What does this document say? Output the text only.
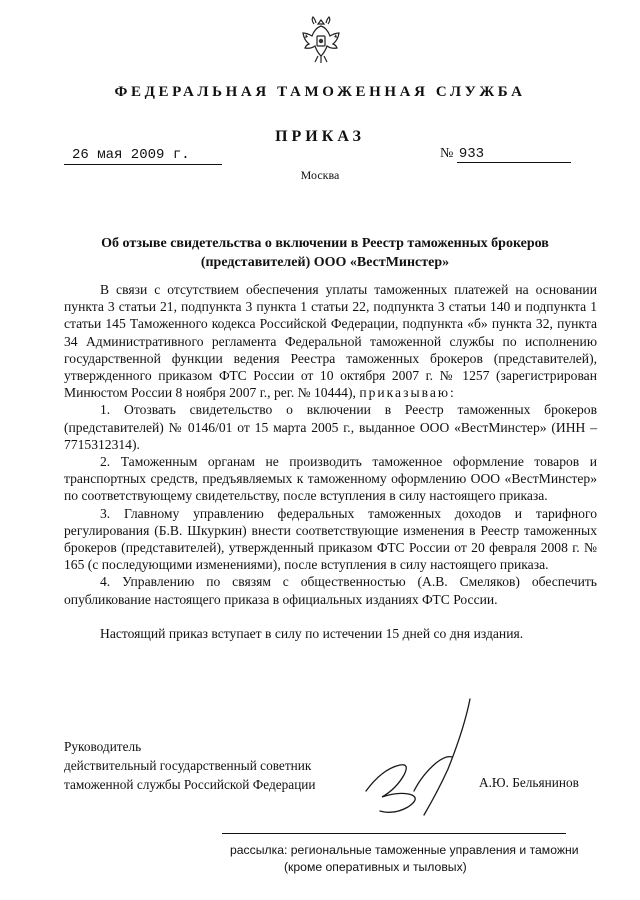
ФЕДЕРАЛЬНАЯ ТАМОЖЕННАЯ СЛУЖБА
ПРИКАЗ
26 мая 2009 г.	№ 933
Москва
Об отзыве свидетельства о включении в Реестр таможенных брокеров
(представителей) ООО «ВестМинстер»

В связи с отсутствием обеспечения уплаты таможенных платежей на основании пункта 3 статьи 21, подпункта 3 пункта 1 статьи 22, подпункта 3 статьи 140 и подпункта 1 статьи 145 Таможенного кодекса Российской Федерации, подпункта «б» пункта 32, пункта 34 Административного регламента Федеральной таможенной службы по исполнению государственной функции ведения Реестра таможенных брокеров (представителей), утвержденного приказом ФТС России от 10 октября 2007 г. № 1257 (зарегистрирован Минюстом России 8 ноября 2007 г., рег. № 10444), приказываю:

1. Отозвать свидетельство о включении в Реестр таможенных брокеров (представителей) № 0146/01 от 15 марта 2005 г., выданное ООО «ВестМинстер» (ИНН – 7715312314).

2. Таможенным органам не производить таможенное оформление товаров и транспортных средств, предъявляемых к таможенному оформлению ООО «ВестМинстер» по соответствующему свидетельству, после вступления в силу настоящего приказа.

3. Главному управлению федеральных таможенных доходов и тарифного регулирования (Б.В. Шкуркин) внести соответствующие изменения в Реестр таможенных брокеров (представителей), утвержденный приказом ФТС России от 20 февраля 2008 г. № 165 (с последующими изменениями), после вступления в силу настоящего приказа.

4. Управлению по связям с общественностью (А.В. Смеляков) обеспечить опубликование настоящего приказа в официальных изданиях ФТС России.

Настоящий приказ вступает в силу по истечении 15 дней со дня издания.

Руководитель
действительный государственный советник
таможенной службы Российской Федерации	А.Ю. Бельянинов
рассылка: региональные таможенные управления и таможни
(кроме оперативных и тыловых)
